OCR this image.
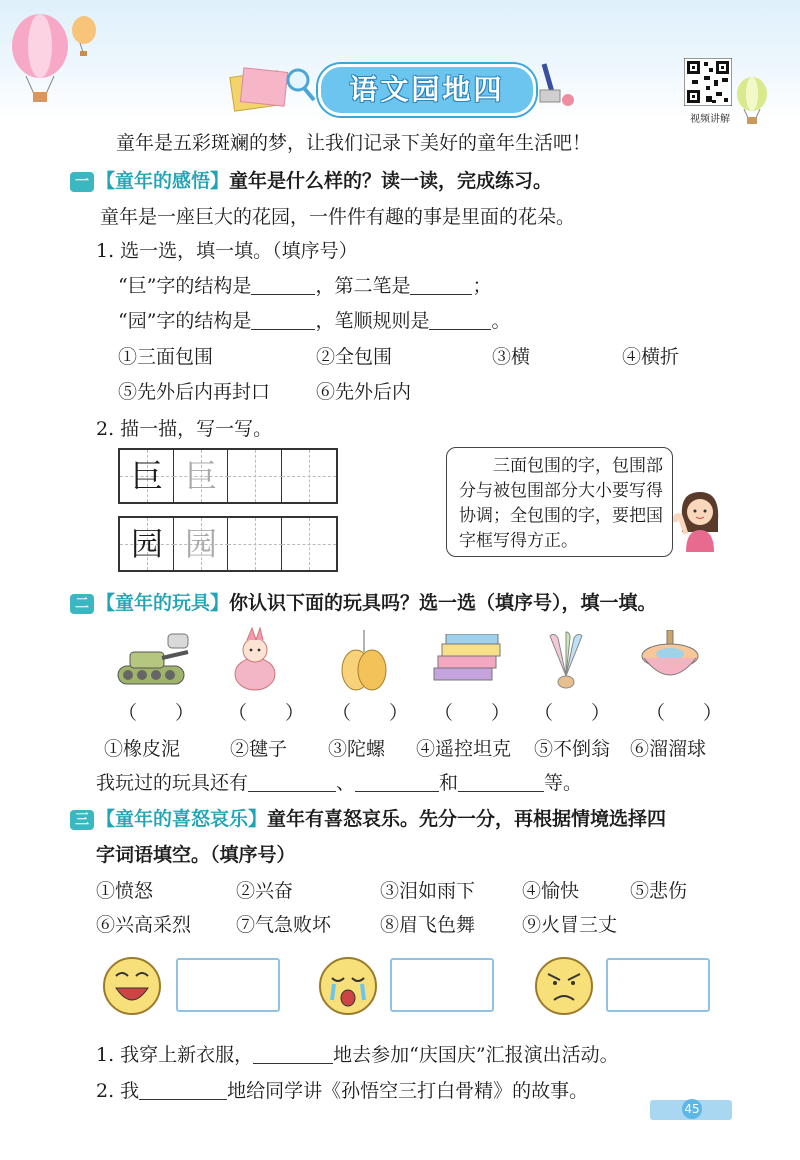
语文园地四
视频讲解
童年是五彩斑斓的梦，让我们记录下美好的童年生活吧！
一 【童年的感悟】童年是什么样的？读一读，完成练习。
童年是一座巨大的花园，一件件有趣的事是里面的花朵。
1. 选一选，填一填。（填序号）
“巨”字的结构是	，第二笔是	；
“园”字的结构是	，笔顺规则是	。
①三面包围	②全包围	③横	④横折
⑤先外后内再封口 ⑥先外后内
2. 描一描，写一写。
巨 巨
园 园
三面包围的字，包围部分与被包围部分大小要写得协调；全包围的字，要把国字框写得方正。
二 【童年的玩具】你认识下面的玩具吗？选一选（填序号），填一填。
（　　） （　　） （　　） （　　） （　　） （　　）
①橡皮泥	②毽子 ③陀螺 ④遥控坦克 ⑤不倒翁 ⑥溜溜球
我玩过的玩具还有	、	和	等。
三 【童年的喜怒哀乐】童年有喜怒哀乐。先分一分，再根据情境选择四
字词语填空。（填序号）
①愤怒	②兴奋	③泪如雨下 ④愉快	⑤悲伤
⑥兴高采烈 ⑦气急败坏	⑧眉飞色舞 ⑨火冒三丈
1. 我穿上新衣服，	地去参加“庆国庆”汇报演出活动。
2. 我	地给同学讲《孙悟空三打白骨精》的故事。
45
